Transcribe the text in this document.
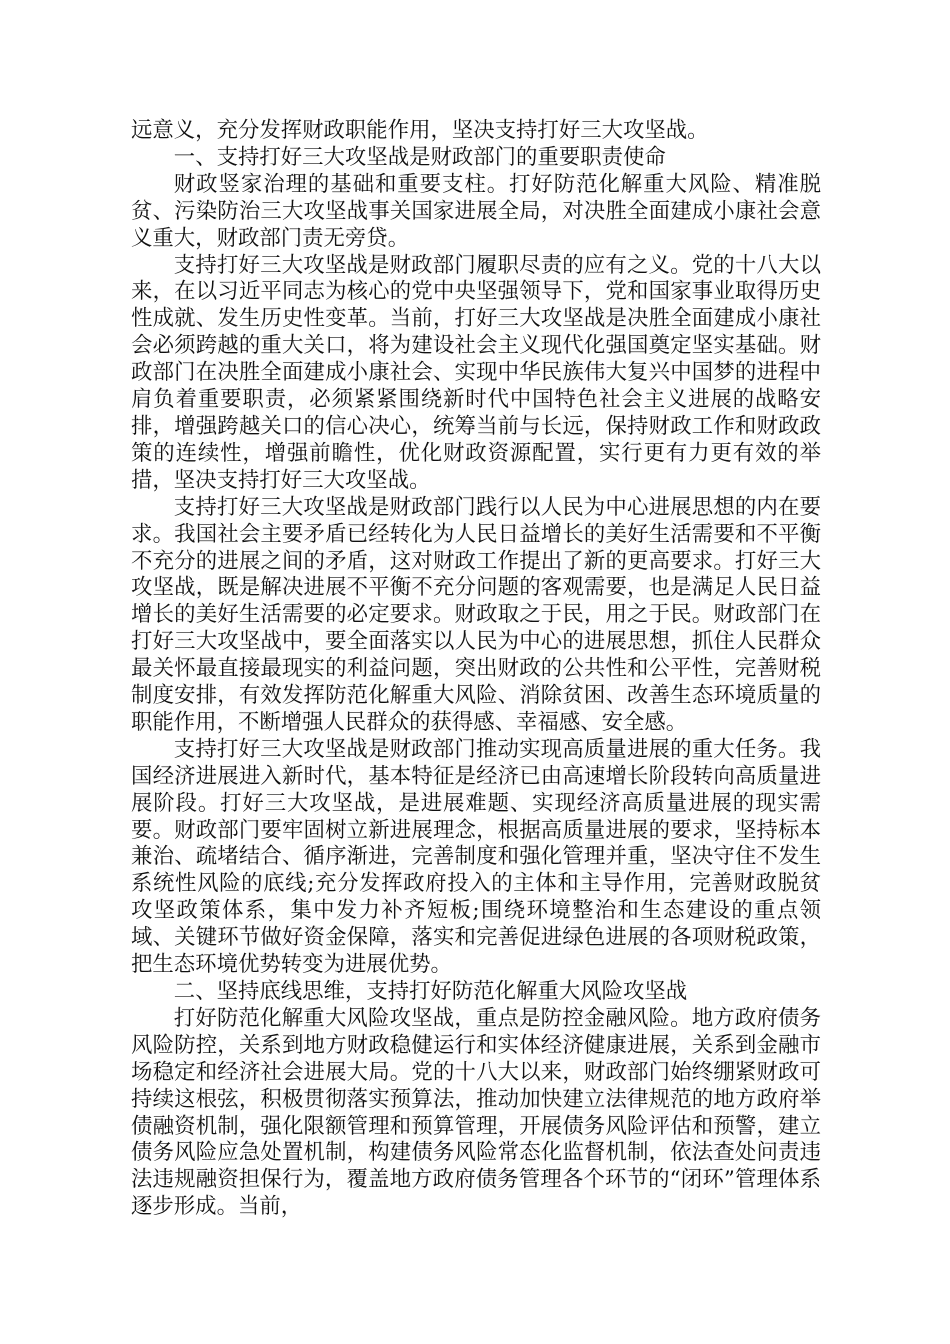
远意义，充分发挥财政职能作用，坚决支持打好三大攻坚战。

一、支持打好三大攻坚战是财政部门的重要职责使命

财政竖家治理的基础和重要支柱。打好防范化解重大风险、精准脱贫、污染防治三大攻坚战事关国家进展全局，对决胜全面建成小康社会意义重大，财政部门责无旁贷。

支持打好三大攻坚战是财政部门履职尽责的应有之义。党的十八大以来，在以习近平同志为核心的党中央坚强领导下，党和国家事业取得历史性成就、发生历史性变革。当前，打好三大攻坚战是决胜全面建成小康社会必须跨越的重大关口，将为建设社会主义现代化强国奠定坚实基础。财政部门在决胜全面建成小康社会、实现中华民族伟大复兴中国梦的进程中肩负着重要职责，必须紧紧围绕新时代中国特色社会主义进展的战略安排，增强跨越关口的信心决心，统筹当前与长远，保持财政工作和财政政策的连续性，增强前瞻性，优化财政资源配置，实行更有力更有效的举措，坚决支持打好三大攻坚战。

支持打好三大攻坚战是财政部门践行以人民为中心进展思想的内在要求。我国社会主要矛盾已经转化为人民日益增长的美好生活需要和不平衡不充分的进展之间的矛盾，这对财政工作提出了新的更高要求。打好三大攻坚战，既是解决进展不平衡不充分问题的客观需要，也是满足人民日益增长的美好生活需要的必定要求。财政取之于民，用之于民。财政部门在打好三大攻坚战中，要全面落实以人民为中心的进展思想，抓住人民群众最关怀最直接最现实的利益问题，突出财政的公共性和公平性，完善财税制度安排，有效发挥防范化解重大风险、消除贫困、改善生态环境质量的职能作用，不断增强人民群众的获得感、幸福感、安全感。

支持打好三大攻坚战是财政部门推动实现高质量进展的重大任务。我国经济进展进入新时代，基本特征是经济已由高速增长阶段转向高质量进展阶段。打好三大攻坚战，是进展难题、实现经济高质量进展的现实需要。财政部门要牢固树立新进展理念，根据高质量进展的要求，坚持标本兼治、疏堵结合、循序渐进，完善制度和强化管理并重，坚决守住不发生系统性风险的底线;充分发挥政府投入的主体和主导作用，完善财政脱贫攻坚政策体系，集中发力补齐短板;围绕环境整治和生态建设的重点领域、关键环节做好资金保障，落实和完善促进绿色进展的各项财税政策，把生态环境优势转变为进展优势。

二、坚持底线思维，支持打好防范化解重大风险攻坚战

打好防范化解重大风险攻坚战，重点是防控金融风险。地方政府债务风险防控，关系到地方财政稳健运行和实体经济健康进展，关系到金融市场稳定和经济社会进展大局。党的十八大以来，财政部门始终绷紧财政可持续这根弦，积极贯彻落实预算法，推动加快建立法律规范的地方政府举债融资机制，强化限额管理和预算管理，开展债务风险评估和预警，建立债务风险应急处置机制，构建债务风险常态化监督机制，依法查处问责违法违规融资担保行为，覆盖地方政府债务管理各个环节的“闭环”管理体系逐步形成。当前，
